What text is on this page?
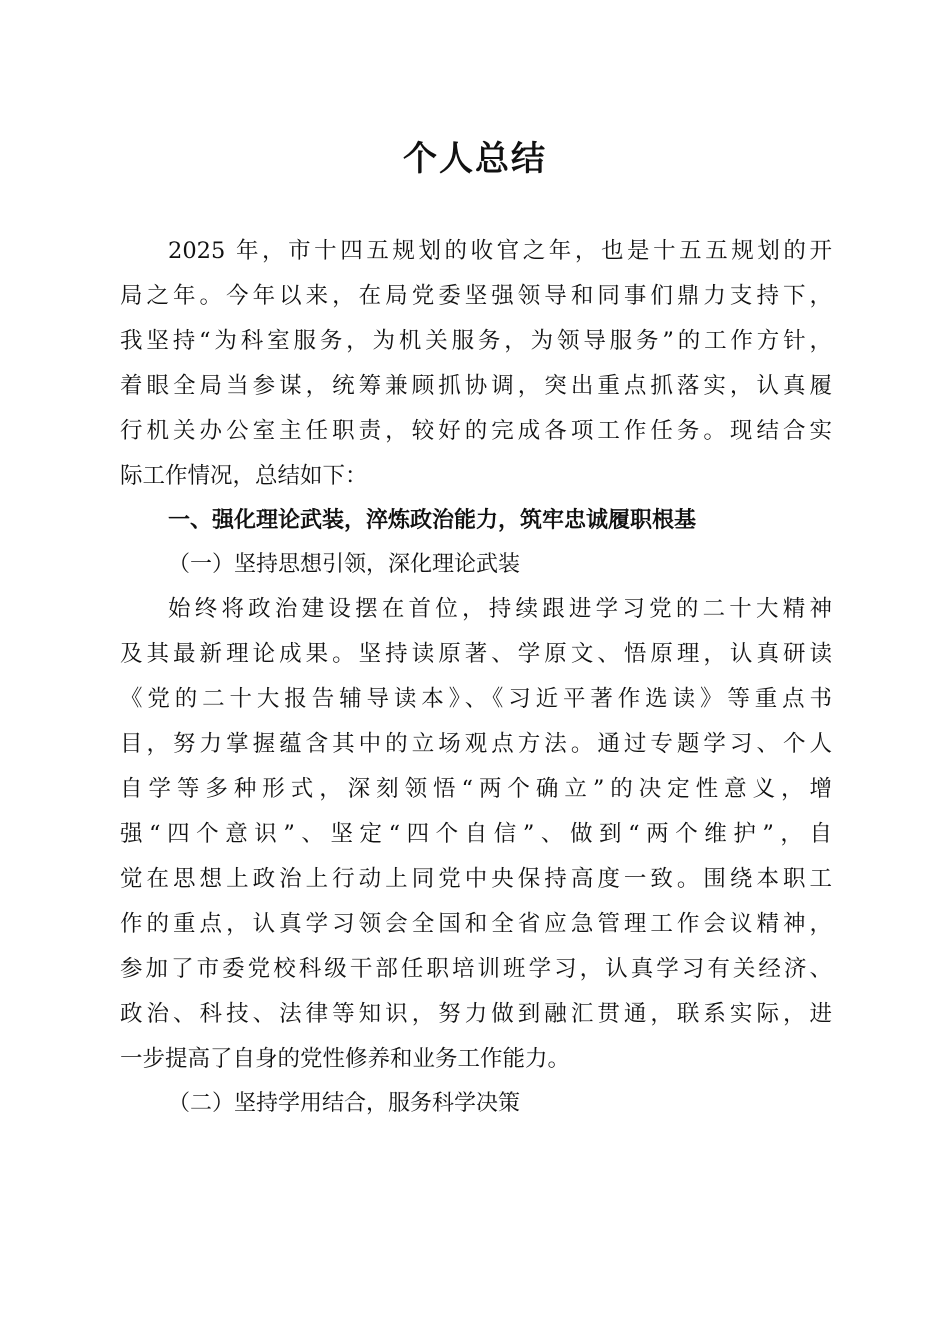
个人总结
2025 年，市十四五规划的收官之年，也是十五五规划的开
局之年。今年以来，在局党委坚强领导和同事们鼎力支持下，
我坚持“为科室服务，为机关服务，为领导服务”的工作方针，
着眼全局当参谋，统筹兼顾抓协调，突出重点抓落实，认真履
行机关办公室主任职责，较好的完成各项工作任务。现结合实
际工作情况，总结如下：
一、强化理论武装，淬炼政治能力，筑牢忠诚履职根基
（一）坚持思想引领，深化理论武装
始终将政治建设摆在首位，持续跟进学习党的二十大精神
及其最新理论成果。坚持读原著、学原文、悟原理，认真研读
《党的二十大报告辅导读本》、《习近平著作选读》等重点书
目，努力掌握蕴含其中的立场观点方法。通过专题学习、个人
自学等多种形式，深刻领悟“两个确立”的决定性意义，增
强“四个意识”、坚定“四个自信”、做到“两个维护”，自
觉在思想上政治上行动上同党中央保持高度一致。围绕本职工
作的重点，认真学习领会全国和全省应急管理工作会议精神，
参加了市委党校科级干部任职培训班学习，认真学习有关经济、
政治、科技、法律等知识，努力做到融汇贯通，联系实际，进
一步提高了自身的党性修养和业务工作能力。
（二）坚持学用结合，服务科学决策
